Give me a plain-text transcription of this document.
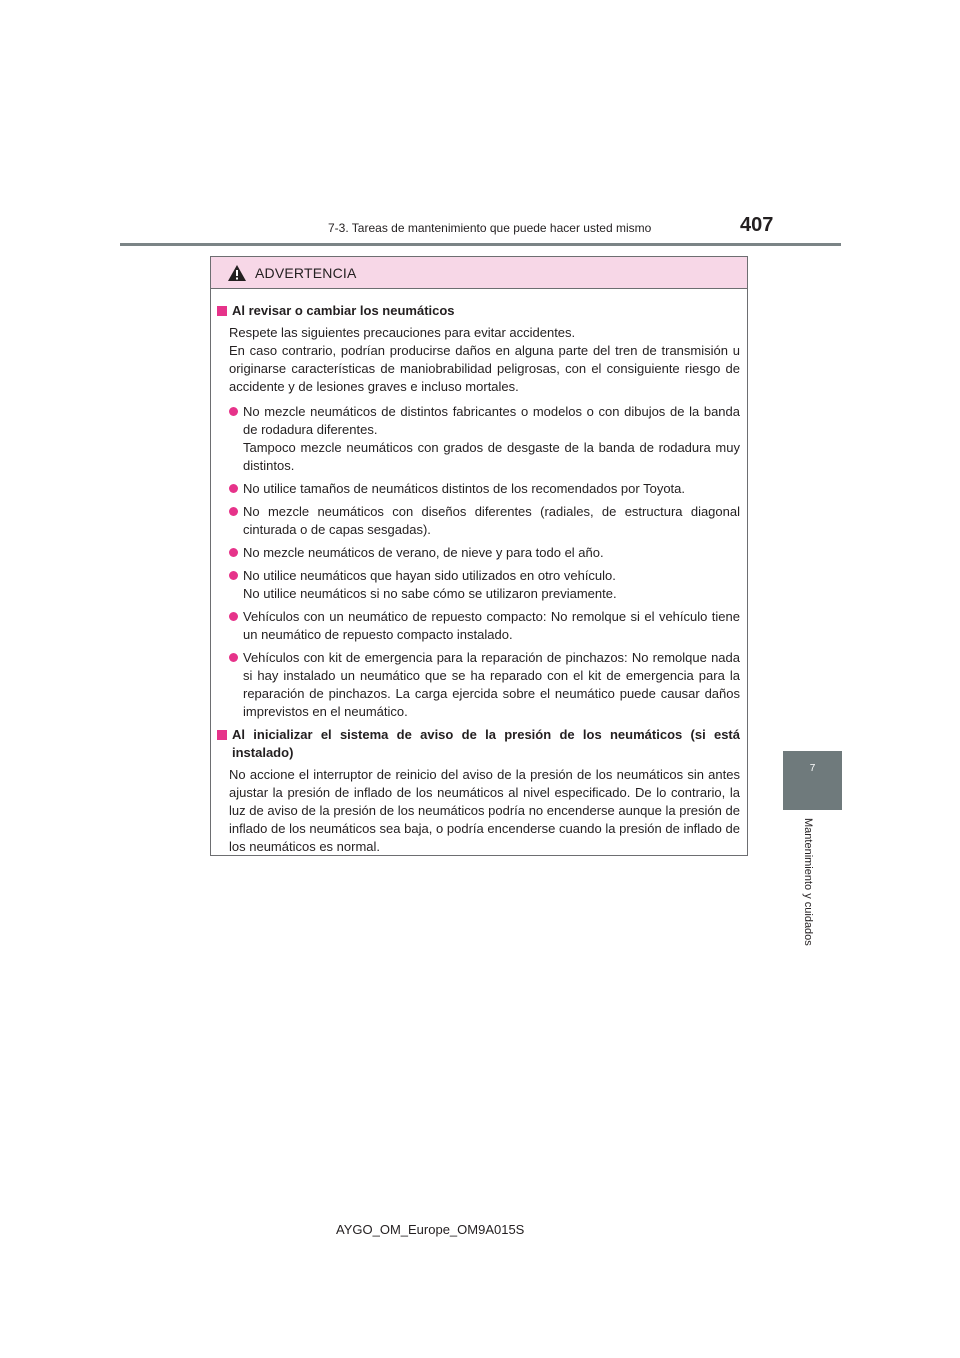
7-3. Tareas de mantenimiento que puede hacer usted mismo	407
7
Mantenimiento y cuidados
ADVERTENCIA
Al revisar o cambiar los neumáticos
Respete las siguientes precauciones para evitar accidentes.
En caso contrario, podrían producirse daños en alguna parte del tren de transmisión u originarse características de maniobrabilidad peligrosas, con el consiguiente riesgo de accidente y de lesiones graves e incluso mortales.
No mezcle neumáticos de distintos fabricantes o modelos o con dibujos de la banda de rodadura diferentes.
Tampoco mezcle neumáticos con grados de desgaste de la banda de rodadura muy distintos.
No utilice tamaños de neumáticos distintos de los recomendados por Toyota.
No mezcle neumáticos con diseños diferentes (radiales, de estructura diagonal cinturada o de capas sesgadas).
No mezcle neumáticos de verano, de nieve y para todo el año.
No utilice neumáticos que hayan sido utilizados en otro vehículo.
No utilice neumáticos si no sabe cómo se utilizaron previamente.
Vehículos con un neumático de repuesto compacto: No remolque si el vehículo tiene un neumático de repuesto compacto instalado.
Vehículos con kit de emergencia para la reparación de pinchazos: No remolque nada si hay instalado un neumático que se ha reparado con el kit de emergencia para la reparación de pinchazos. La carga ejercida sobre el neumático puede causar daños imprevistos en el neumático.
Al inicializar el sistema de aviso de la presión de los neumáticos (si está instalado)
No accione el interruptor de reinicio del aviso de la presión de los neumáticos sin antes ajustar la presión de inflado de los neumáticos al nivel especificado. De lo contrario, la luz de aviso de la presión de los neumáticos podría no encenderse aunque la presión de inflado de los neumáticos sea baja, o podría encenderse cuando la presión de inflado de los neumáticos es normal.
AYGO_OM_Europe_OM9A015S
